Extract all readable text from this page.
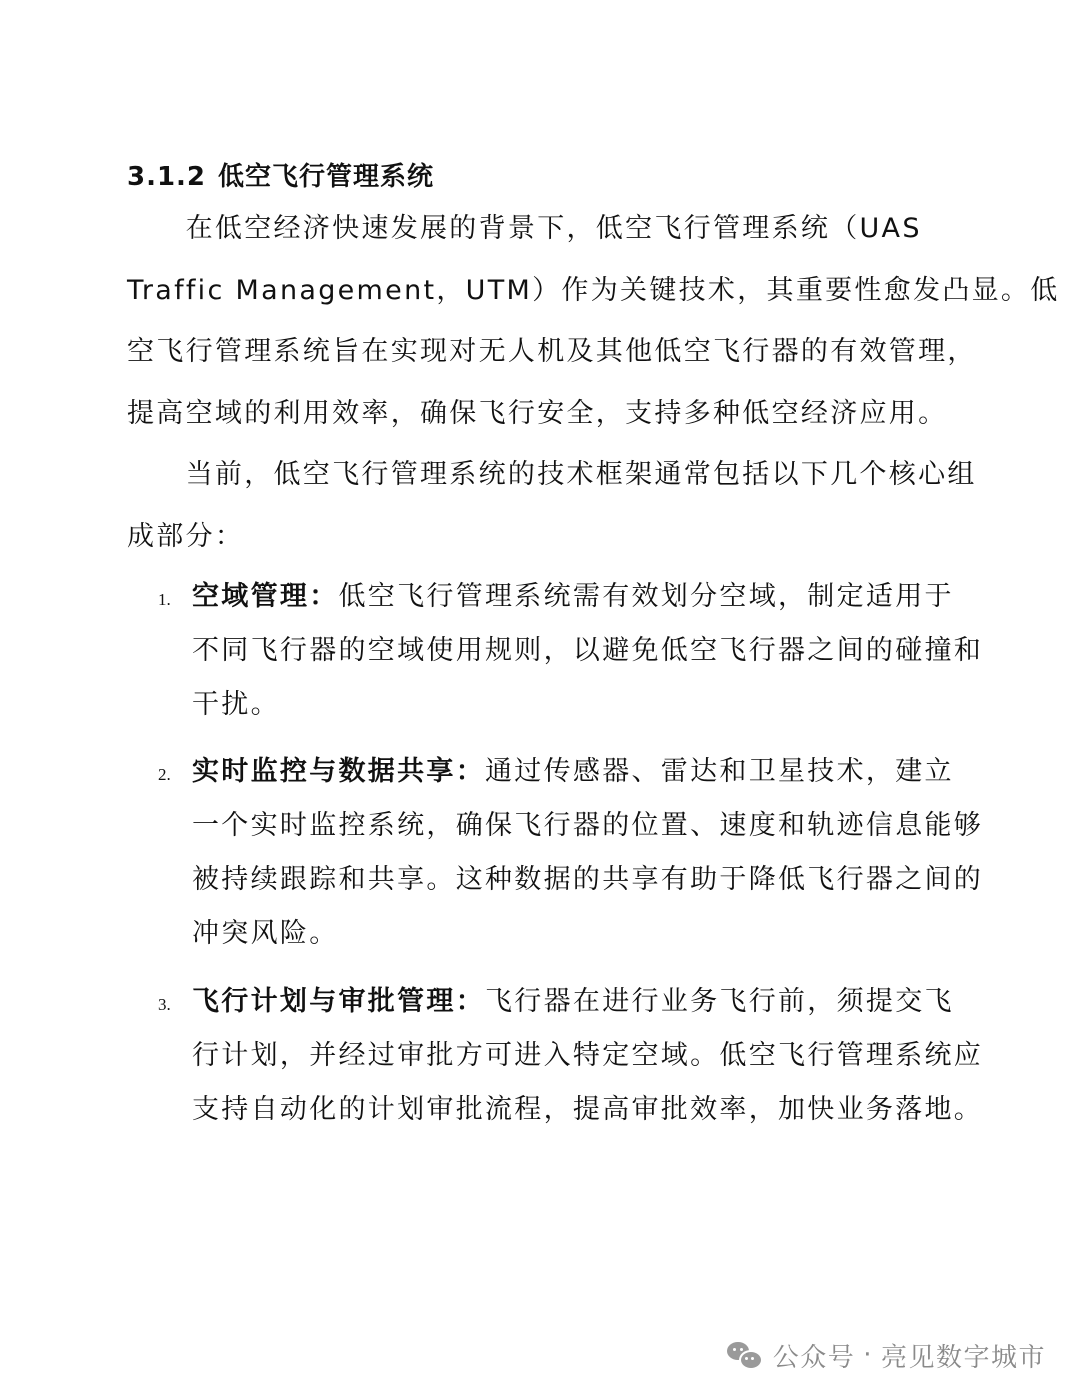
3.1.2 低空飞行管理系统
　　在低空经济快速发展的背景下，低空飞行管理系统（UAS
Traffic Management，UTM）作为关键技术，其重要性愈发凸显。低
空飞行管理系统旨在实现对无人机及其他低空飞行器的有效管理，
提高空域的利用效率，确保飞行安全，支持多种低空经济应用。
　　当前，低空飞行管理系统的技术框架通常包括以下几个核心组
成部分：
1. 空域管理：低空飞行管理系统需有效划分空域，制定适用于
不同飞行器的空域使用规则，以避免低空飞行器之间的碰撞和
干扰。
2. 实时监控与数据共享：通过传感器、雷达和卫星技术，建立
一个实时监控系统，确保飞行器的位置、速度和轨迹信息能够
被持续跟踪和共享。这种数据的共享有助于降低飞行器之间的
冲突风险。
3. 飞行计划与审批管理：飞行器在进行业务飞行前，须提交飞
行计划，并经过审批方可进入特定空域。低空飞行管理系统应
支持自动化的计划审批流程，提高审批效率，加快业务落地。
公众号 · 亮见数字城市
